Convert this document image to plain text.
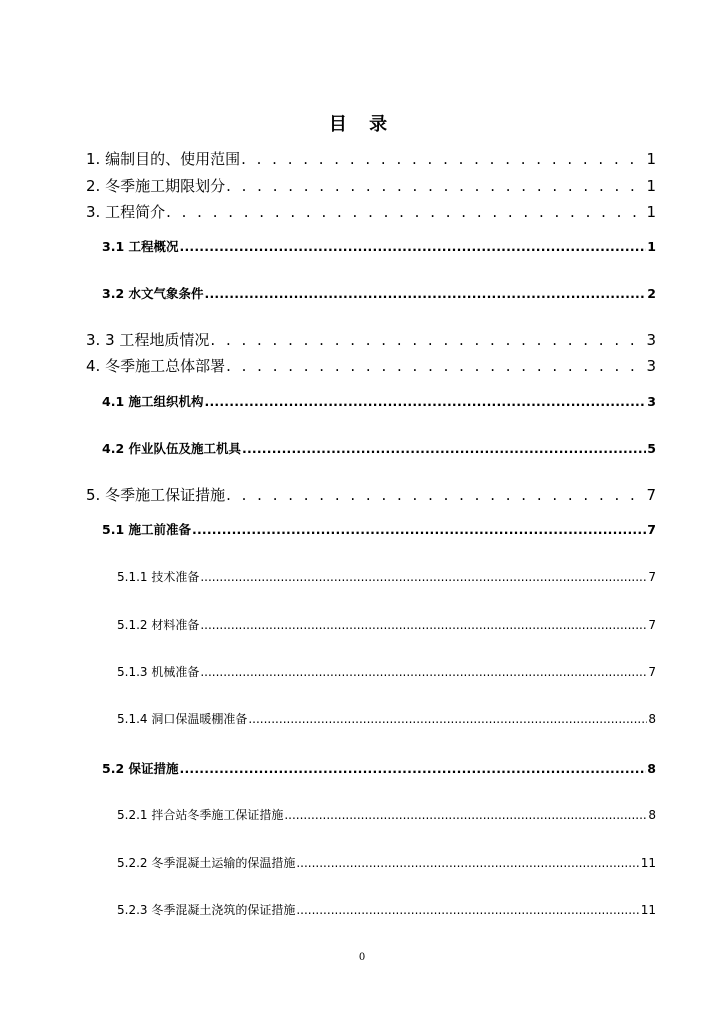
目 录
1. 编制目的、使用范围 . . .	1
2. 冬季施工期限划分 . . .	1
3. 工程简介 . . .	1
3.1 工程概况 .....	1
3.2 水文气象条件 .....	2
3. 3 工程地质情况 . . .	3
4. 冬季施工总体部署 . . .	3
4.1 施工组织机构 .....	3
4.2 作业队伍及施工机具 .....	5
5. 冬季施工保证措施 . . .	7
5.1 施工前准备 .....	7
5.1.1 技术准备 .....	7
5.1.2 材料准备 .....	7
5.1.3 机械准备 .....	7
5.1.4 洞口保温暖棚准备 .....	8
5.2 保证措施 .....	8
5.2.1 拌合站冬季施工保证措施 .....	8
5.2.2 冬季混凝土运输的保温措施 .....	11
5.2.3 冬季混凝土浇筑的保证措施 .....	11
0
